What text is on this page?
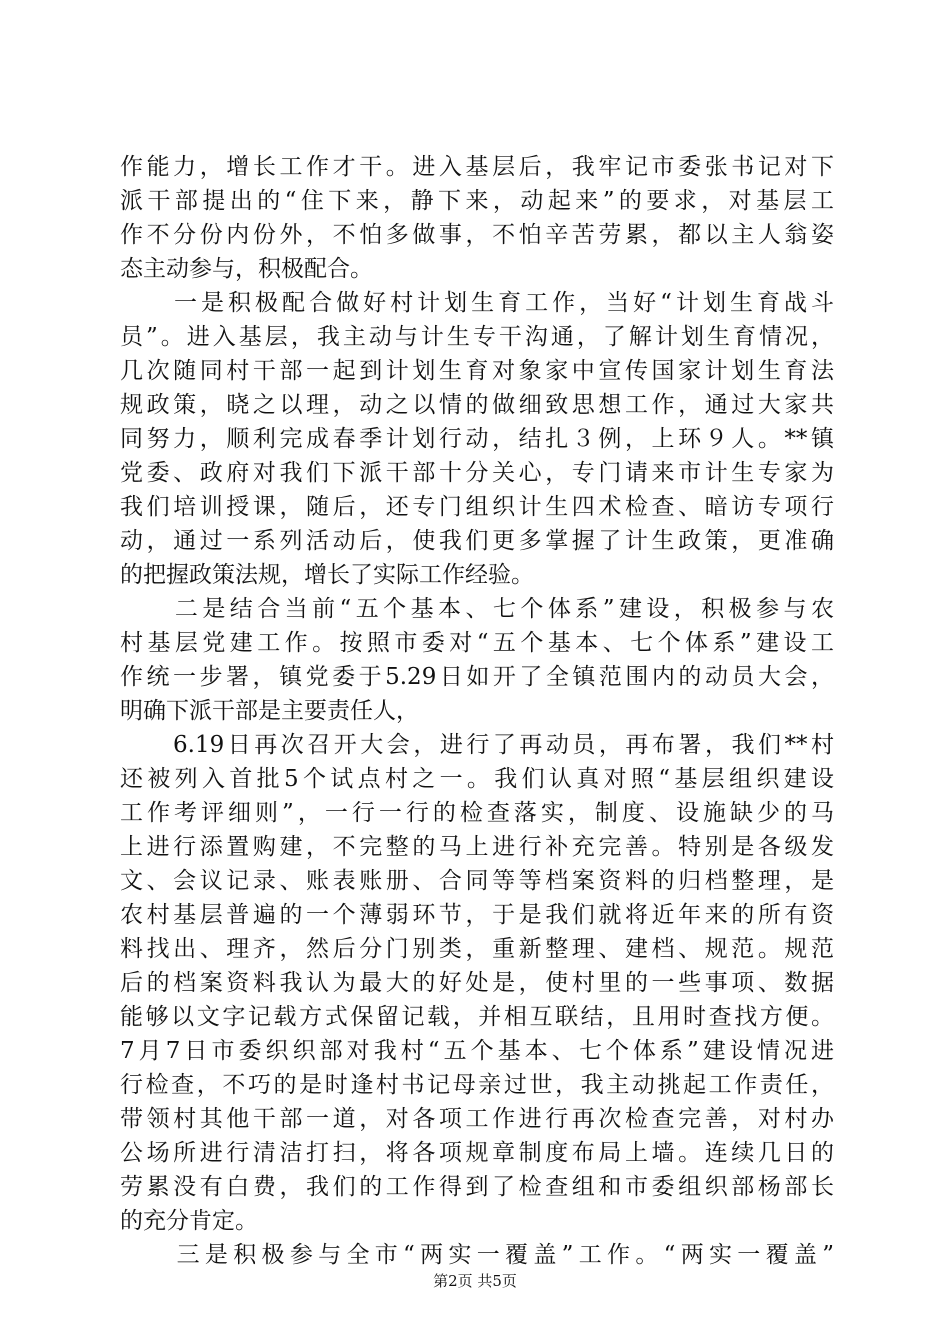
作能力，增长工作才干。进入基层后，我牢记市委张书记对下
派干部提出的“住下来，静下来，动起来”的要求，对基层工
作不分份内份外，不怕多做事，不怕辛苦劳累，都以主人翁姿
态主动参与，积极配合。
　　一是积极配合做好村计划生育工作，当好“计划生育战斗
员”。进入基层，我主动与计生专干沟通，了解计划生育情况，
几次随同村干部一起到计划生育对象家中宣传国家计划生育法
规政策，晓之以理，动之以情的做细致思想工作，通过大家共
同努力，顺利完成春季计划行动，结扎３例，上环９人。**镇
党委、政府对我们下派干部十分关心，专门请来市计生专家为
我们培训授课，随后，还专门组织计生四术检查、暗访专项行
动，通过一系列活动后，使我们更多掌握了计生政策，更准确
的把握政策法规，增长了实际工作经验。
　　二是结合当前“五个基本、七个体系”建设，积极参与农
村基层党建工作。按照市委对“五个基本、七个体系”建设工
作统一步署，镇党委于5.29日如开了全镇范围内的动员大会，
明确下派干部是主要责任人，
　　6.19日再次召开大会，进行了再动员，再布署，我们**村
还被列入首批5个试点村之一。我们认真对照“基层组织建设
工作考评细则”，一行一行的检查落实，制度、设施缺少的马
上进行添置购建，不完整的马上进行补充完善。特别是各级发
文、会议记录、账表账册、合同等等档案资料的归档整理，是
农村基层普遍的一个薄弱环节，于是我们就将近年来的所有资
料找出、理齐，然后分门别类，重新整理、建档、规范。规范
后的档案资料我认为最大的好处是，使村里的一些事项、数据
能够以文字记载方式保留记载，并相互联结，且用时查找方便。
7月7日市委织织部对我村“五个基本、七个体系”建设情况进
行检查，不巧的是时逢村书记母亲过世，我主动挑起工作责任，
带领村其他干部一道，对各项工作进行再次检查完善，对村办
公场所进行清洁打扫，将各项规章制度布局上墙。连续几日的
劳累没有白费，我们的工作得到了检查组和市委组织部杨部长
的充分肯定。
　　三是积极参与全市“两实一覆盖”工作。“两实一覆盖”
第2页 共5页
